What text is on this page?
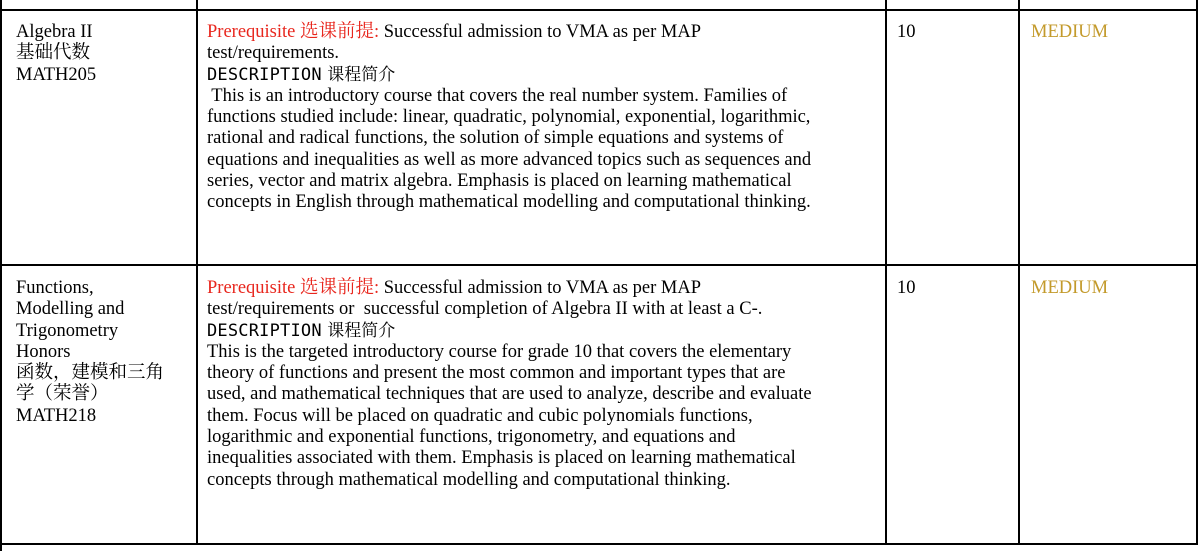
Algebra II
基础代数
MATH205
Prerequisite 选课前提: Successful admission to VMA as per MAP
test/requirements.
DESCRIPTION 课程简介
This is an introductory course that covers the real number system. Families of
functions studied include: linear, quadratic, polynomial, exponential, logarithmic,
rational and radical functions, the solution of simple equations and systems of
equations and inequalities as well as more advanced topics such as sequences and
series, vector and matrix algebra. Emphasis is placed on learning mathematical
concepts in English through mathematical modelling and computational thinking.
10	MEDIUM
Functions,
Modelling and
Trigonometry
Honors
函数，建模和三角
学（荣誉）
MATH218
Prerequisite 选课前提: Successful admission to VMA as per MAP
test/requirements or  successful completion of Algebra II with at least a C-.
DESCRIPTION 课程简介
This is the targeted introductory course for grade 10 that covers the elementary
theory of functions and present the most common and important types that are
used, and mathematical techniques that are used to analyze, describe and evaluate
them. Focus will be placed on quadratic and cubic polynomials functions,
logarithmic and exponential functions, trigonometry, and equations and
inequalities associated with them. Emphasis is placed on learning mathematical
concepts through mathematical modelling and computational thinking.
10	MEDIUM
